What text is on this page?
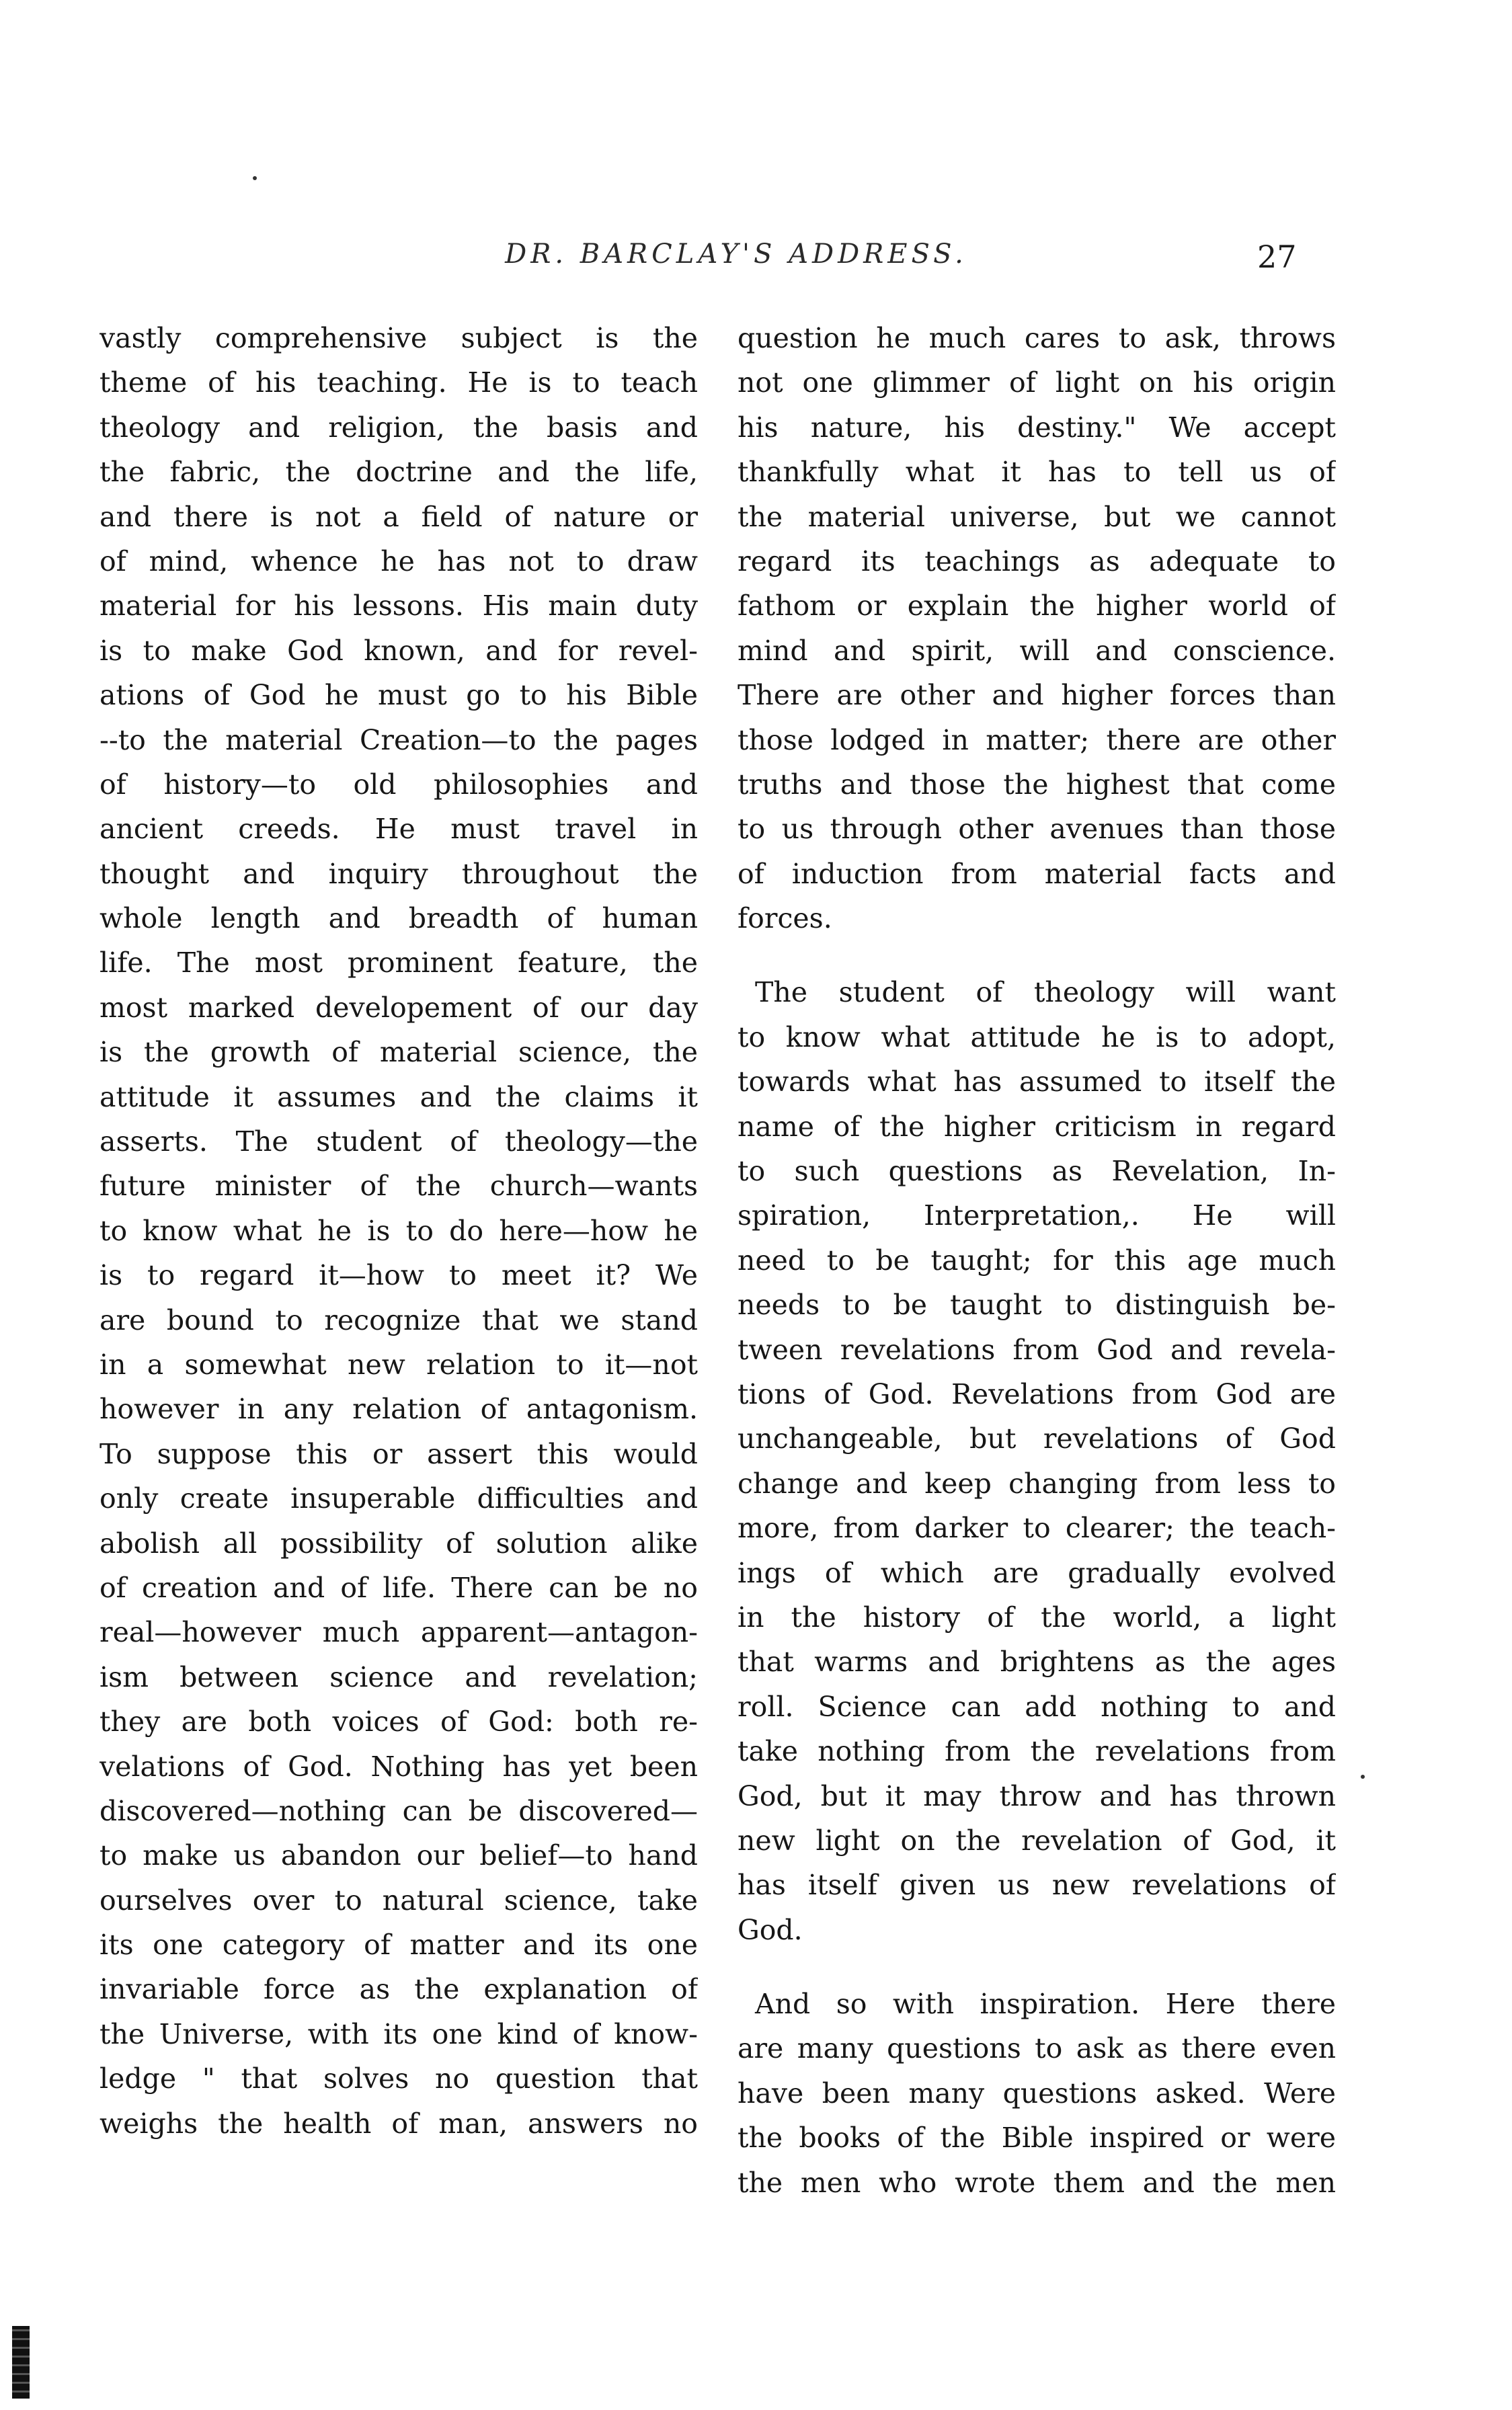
DR. BARCLAY'S ADDRESS.	27
vastly comprehensive subject is the
theme of his teaching. He is to teach
theology and religion, the basis and
the fabric, the doctrine and the life,
and there is not a field of nature or
of mind, whence he has not to draw
material for his lessons. His main duty
is to make God known, and for revel-
ations of God he must go to his Bible
--to the material Creation—to the pages
of history—to old philosophies and
ancient creeds. He must travel in
thought and inquiry throughout the
whole length and breadth of human
life. The most prominent feature, the
most marked developement of our day
is the growth of material science, the
attitude it assumes and the claims it
asserts. The student of theology—the
future minister of the church—wants
to know what he is to do here—how he
is to regard it—how to meet it? We
are bound to recognize that we stand
in a somewhat new relation to it—not
however in any relation of antagonism.
To suppose this or assert this would
only create insuperable difficulties and
abolish all possibility of solution alike
of creation and of life. There can be no
real—however much apparent—antagon-
ism between science and revelation;
they are both voices of God: both re-
velations of God. Nothing has yet been
discovered—nothing can be discovered—
to make us abandon our belief—to hand
ourselves over to natural science, take
its one category of matter and its one
invariable force as the explanation of
the Universe, with its one kind of know-
ledge " that solves no question that
weighs the health of man, answers no
question he much cares to ask, throws
not one glimmer of light on his origin
his nature, his destiny." We accept
thankfully what it has to tell us of
the material universe, but we cannot
regard its teachings as adequate to
fathom or explain the higher world of
mind and spirit, will and conscience.
There are other and higher forces than
those lodged in matter; there are other
truths and those the highest that come
to us through other avenues than those
of induction from material facts and
forces.
The student of theology will want
to know what attitude he is to adopt,
towards what has assumed to itself the
name of the higher criticism in regard
to such questions as Revelation, In-
spiration, Interpretation,. He will
need to be taught; for this age much
needs to be taught to distinguish be-
tween revelations from God and revela-
tions of God. Revelations from God are
unchangeable, but revelations of God
change and keep changing from less to
more, from darker to clearer; the teach-
ings of which are gradually evolved
in the history of the world, a light
that warms and brightens as the ages
roll. Science can add nothing to and
take nothing from the revelations from
God, but it may throw and has thrown
new light on the revelation of God, it
has itself given us new revelations of
God.
And so with inspiration. Here there
are many questions to ask as there even
have been many questions asked. Were
the books of the Bible inspired or were
the men who wrote them and the men
